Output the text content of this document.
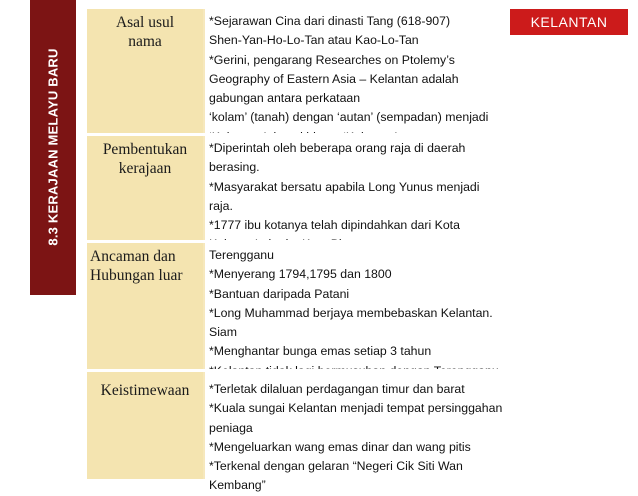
8.3 KERAJAAN MELAYU BARU
Asal usul
nama
*Sejarawan Cina dari dinasti Tang (618-907)
Shen-Yan-Ho-Lo-Tan atau Kao-Lo-Tan
*Gerini, pengarang Researches on Ptolemy’s
Geography of Eastern Asia – Kelantan adalah
gabungan antara perkataan
‘kolam’ (tanah) dengan ‘autan’ (sempadan) menjadi
Pembentukan
kerajaan
*Diperintah oleh beberapa orang raja di daerah
berasing.
*Masyarakat bersatu apabila Long Yunus menjadi
raja.
*1777 ibu kotanya telah dipindahkan dari Kota
Ancaman dan
Hubungan luar
Terengganu
*Menyerang 1794,1795 dan 1800
*Bantuan daripada Patani
*Long Muhammad berjaya membebaskan Kelantan.
Siam
*Menghantar bunga emas setiap 3 tahun
Keistimewaan	*Terletak dilaluan perdagangan timur dan barat
*Kuala sungai Kelantan menjadi tempat persinggahan
peniaga
*Mengeluarkan wang emas dinar dan wang pitis
*Terkenal dengan gelaran “Negeri Cik Siti Wan
Kembang”
KELANTAN
